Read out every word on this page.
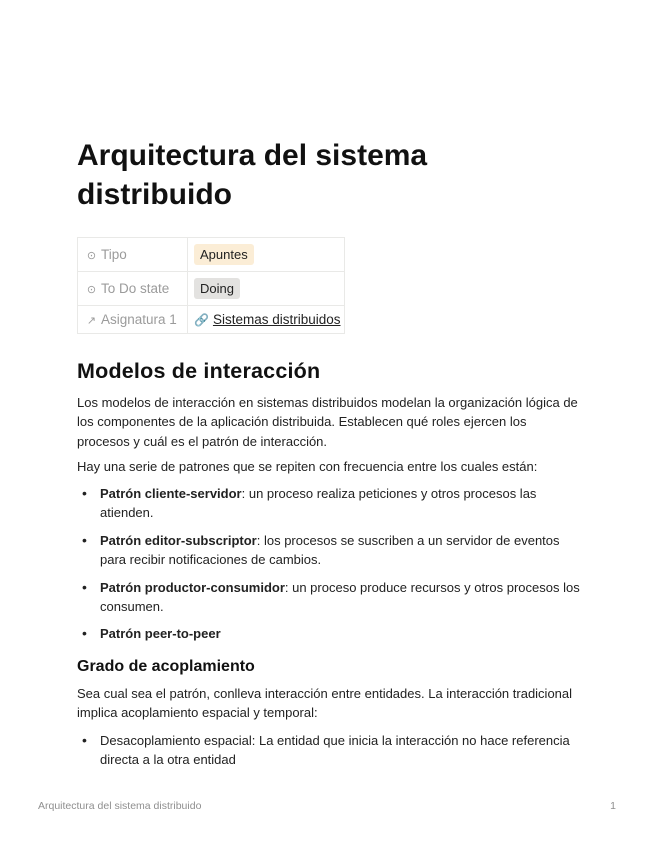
Arquitectura del sistema distribuido
⊙ Tipo	Apuntes
⊙ To Do state	Doing
↗ Asignatura 1	🔗 Sistemas distribuidos
Modelos de interacción

Los modelos de interacción en sistemas distribuidos modelan la organización lógica de los componentes de la aplicación distribuida. Establecen qué roles ejercen los procesos y cuál es el patrón de interacción.

Hay una serie de patrones que se repiten con frecuencia entre los cuales están:

• Patrón cliente-servidor: un proceso realiza peticiones y otros procesos las atienden.
• Patrón editor-subscriptor: los procesos se suscriben a un servidor de eventos para recibir notificaciones de cambios.
• Patrón productor-consumidor: un proceso produce recursos y otros procesos los consumen.
• Patrón peer-to-peer
Grado de acoplamiento

Sea cual sea el patrón, conlleva interacción entre entidades. La interacción tradicional implica acoplamiento espacial y temporal:

• Desacoplamiento espacial: La entidad que inicia la interacción no hace referencia directa a la otra entidad
Arquitectura del sistema distribuido	1
